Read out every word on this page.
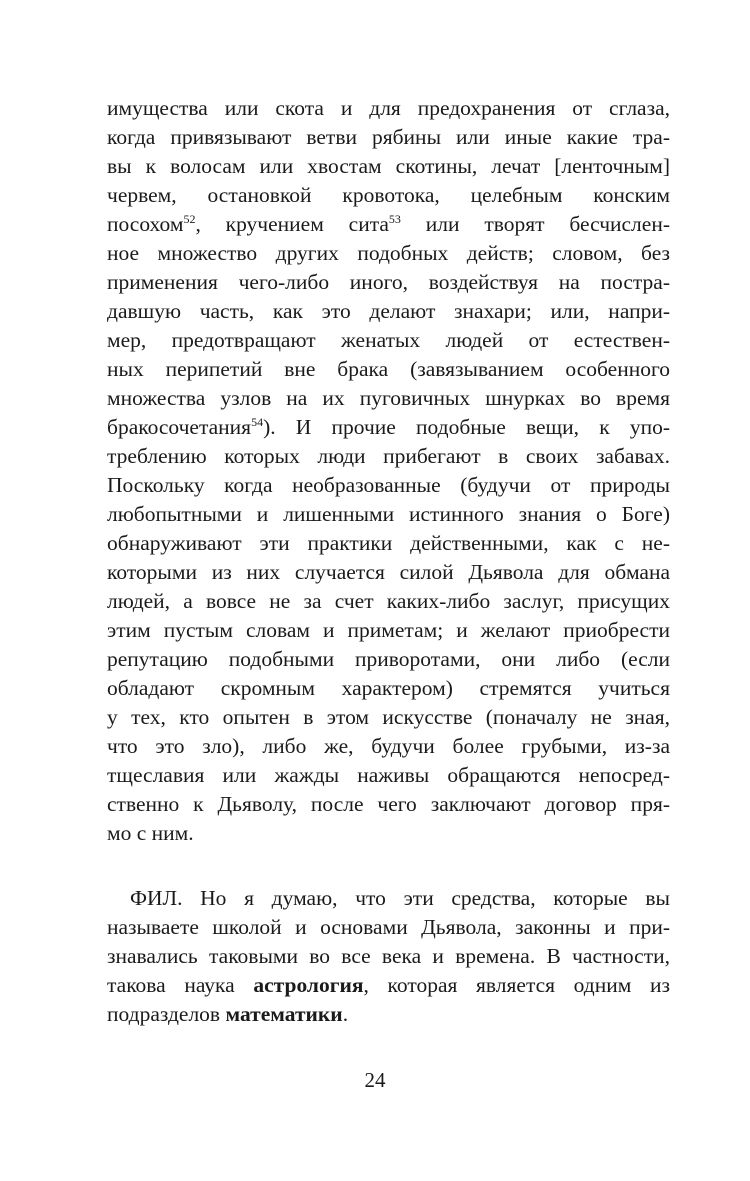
имущества или скота и для предохранения от сглаза,
когда привязывают ветви рябины или иные какие тра-
вы к волосам или хвостам скотины, лечат [ленточным]
червем, остановкой кровотока, целебным конским
посохом$^{52}$, кручением сита$^{53}$ или творят бесчислен-
ное множество других подобных действ; словом, без
применения чего-либо иного, воздействуя на постра-
давшую часть, как это делают знахари; или, напри-
мер, предотвращают женатых людей от естествен-
ных перипетий вне брака (завязыванием особенного
множества узлов на их пуговичных шнурках во время
бракосочетания$^{54}$). И прочие подобные вещи, к упо-
треблению которых люди прибегают в своих забавах.
Поскольку когда необразованные (будучи от природы
любопытными и лишенными истинного знания о Боге)
обнаруживают эти практики действенными, как с не-
которыми из них случается силой Дьявола для обмана
людей, а вовсе не за счет каких-либо заслуг, присущих
этим пустым словам и приметам; и желают приобрести
репутацию подобными приворотами, они либо (если
обладают скромным характером) стремятся учиться
у тех, кто опытен в этом искусстве (поначалу не зная,
что это зло), либо же, будучи более грубыми, из-за
тщеславия или жажды наживы обращаются непосред-
ственно к Дьяволу, после чего заключают договор пря-
мо с ним.
ФИЛ. Но я думаю, что эти средства, которые вы
называете школой и основами Дьявола, законны и при-
знавались таковыми во все века и времена. В частности,
такова наука астрология, которая является одним из
подразделов математики.
24
